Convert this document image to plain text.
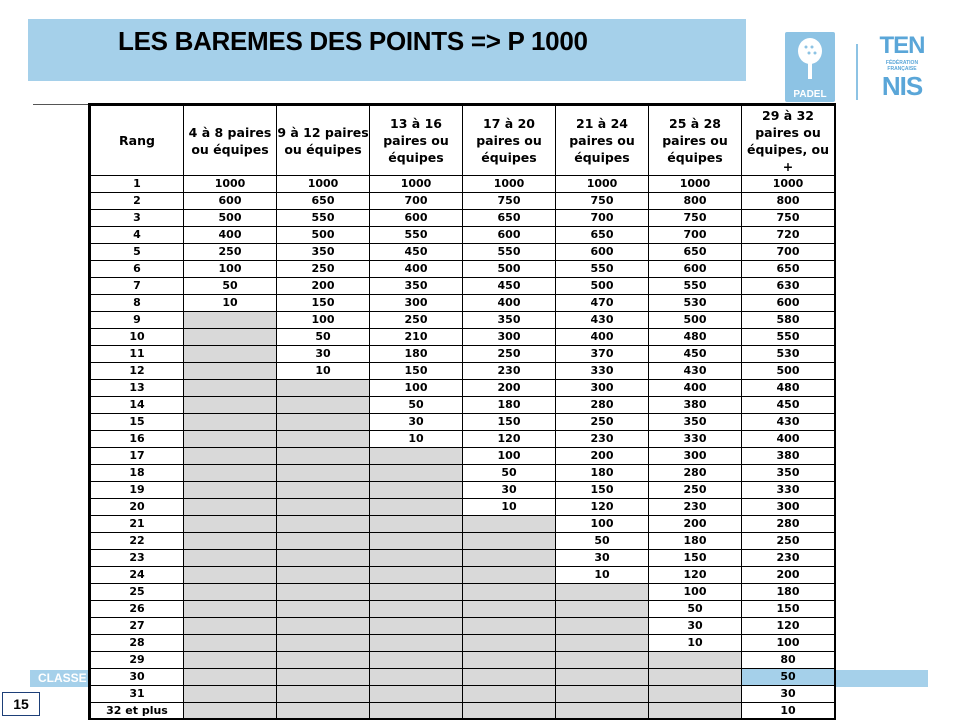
LES BAREMES DES POINTS => P 1000
PADEL
TEN
FÉDÉRATION
FRANÇAISE
NIS
CLASSE
15
Rang	4 à 8 paires ou équipes	9 à 12 paires ou équipes	13 à 16 paires ou équipes	17 à 20 paires ou équipes	21 à 24 paires ou équipes	25 à 28 paires ou équipes	29 à 32 paires ou équipes, ou +
1	1000	1000	1000	1000	1000	1000	1000
2	600	650	700	750	750	800	800
3	500	550	600	650	700	750	750
4	400	500	550	600	650	700	720
5	250	350	450	550	600	650	700
6	100	250	400	500	550	600	650
7	50	200	350	450	500	550	630
8	10	150	300	400	470	530	600
9		100	250	350	430	500	580
10		50	210	300	400	480	550
11		30	180	250	370	450	530
12		10	150	230	330	430	500
13			100	200	300	400	480
14			50	180	280	380	450
15			30	150	250	350	430
16			10	120	230	330	400
17				100	200	300	380
18				50	180	280	350
19				30	150	250	330
20				10	120	230	300
21					100	200	280
22					50	180	250
23					30	150	230
24					10	120	200
25						100	180
26						50	150
27						30	120
28						10	100
29							80
30							50
31							30
32 et plus							10
